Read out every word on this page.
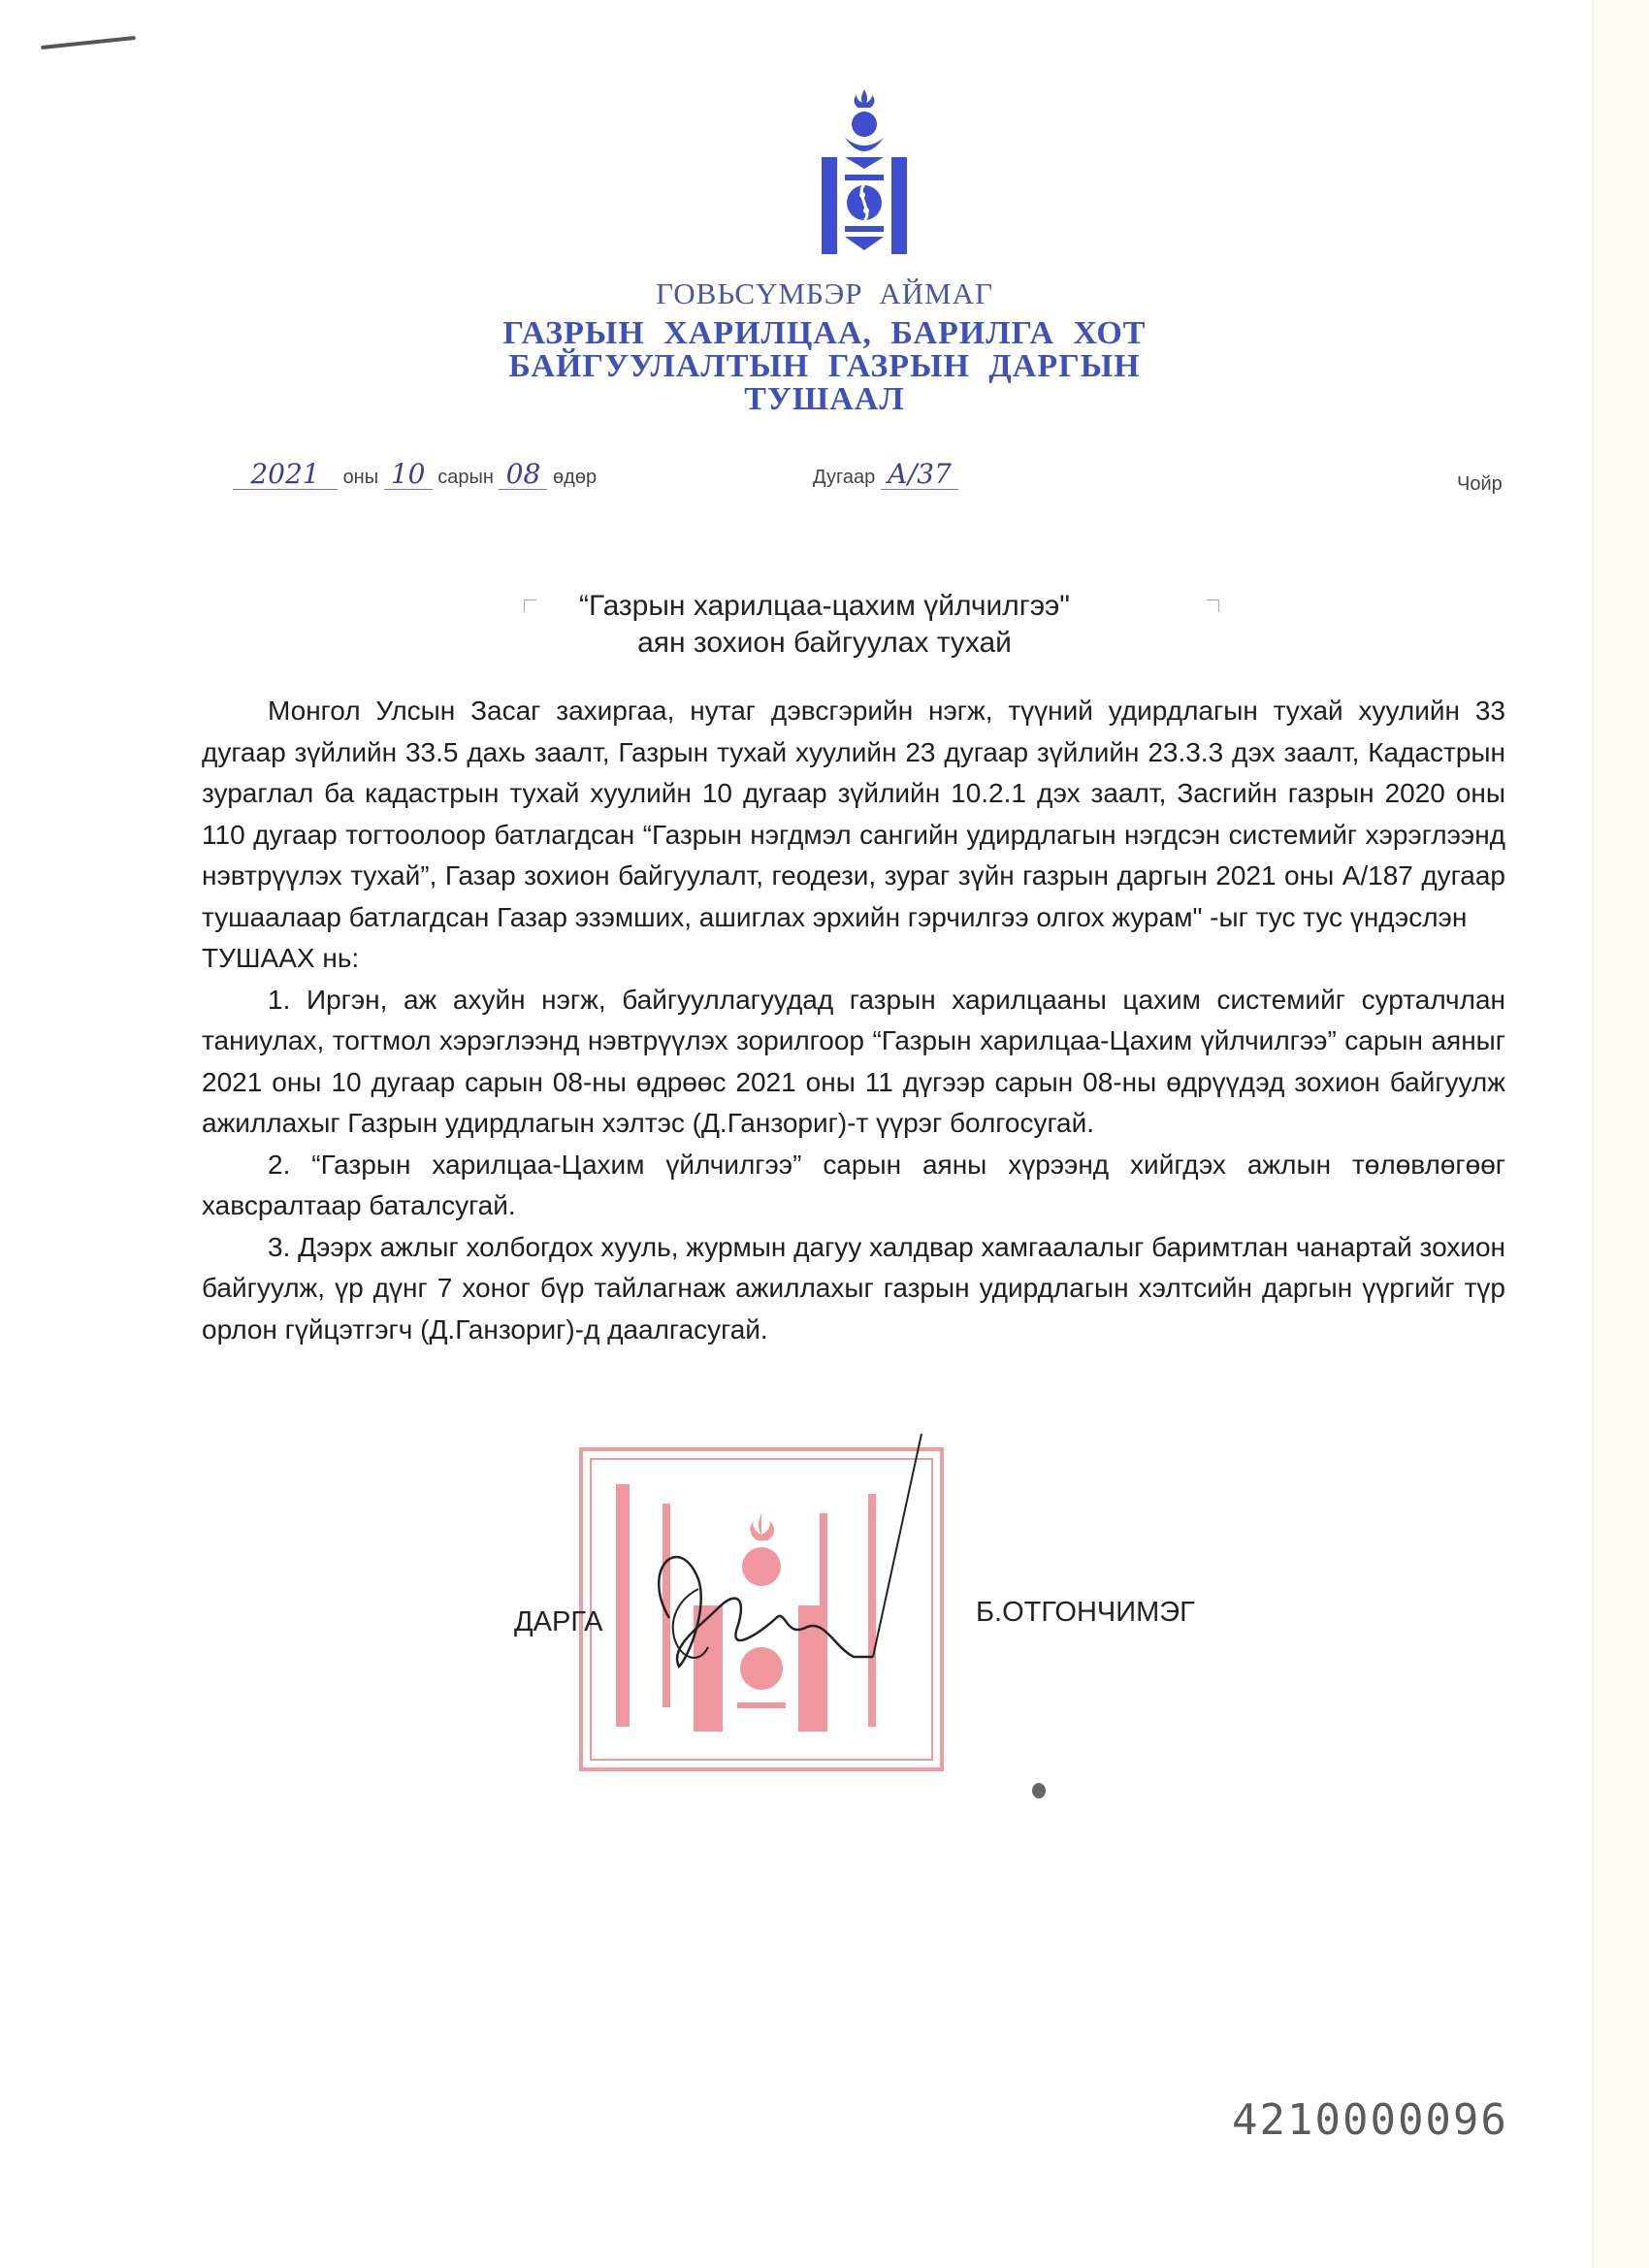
ГОВЬСҮМБЭР АЙМАГ
ГАЗРЫН ХАРИЛЦАА, БАРИЛГА ХОТ
БАЙГУУЛАЛТЫН ГАЗРЫН ДАРГЫН
ТУШААЛ
2021 оны 10 сарын 08 өдөр	Дугаар А/37	Чойр
“Газрын харилцаа-цахим үйлчилгээ"
аян зохион байгуулах тухай

Монгол Улсын Засаг захиргаа, нутаг дэвсгэрийн нэгж, түүний удирдлагын тухай хуулийн 33 дугаар зүйлийн 33.5 дахь заалт, Газрын тухай хуулийн 23 дугаар зүйлийн 23.3.3 дэх заалт, Кадастрын зураглал ба кадастрын тухай хуулийн 10 дугаар зүйлийн 10.2.1 дэх заалт, Засгийн газрын 2020 оны 110 дугаар тогтоолоор батлагдсан “Газрын нэгдмэл сангийн удирдлагын нэгдсэн системийг хэрэглээнд нэвтрүүлэх тухай”, Газар зохион байгуулалт, геодези, зураг зүйн газрын даргын 2021 оны А/187 дугаар тушаалаар батлагдсан Газар эзэмших, ашиглах эрхийн гэрчилгээ олгох журам" -ыг тус тус үндэслэн

ТУШААХ нь:

1. Иргэн, аж ахуйн нэгж, байгууллагуудад газрын харилцааны цахим системийг сурталчлан таниулах, тогтмол хэрэглээнд нэвтрүүлэх зорилгоор “Газрын харилцаа-Цахим үйлчилгээ” сарын аяныг 2021 оны 10 дугаар сарын 08-ны өдрөөс 2021 оны 11 дүгээр сарын 08-ны өдрүүдэд зохион байгуулж ажиллахыг Газрын удирдлагын хэлтэс (Д.Ганзориг)-т үүрэг болгосугай.

2. “Газрын харилцаа-Цахим үйлчилгээ” сарын аяны хүрээнд хийгдэх ажлын төлөвлөгөөг хавсралтаар баталсугай.

3. Дээрх ажлыг холбогдох хууль, журмын дагуу халдвар хамгаалалыг баримтлан чанартай зохион байгуулж, үр дүнг 7 хоног бүр тайлагнаж ажиллахыг газрын удирдлагын хэлтсийн даргын үүргийг түр орлон гүйцэтгэгч (Д.Ганзориг)-д даалгасугай.

ДАРГА	Б.ОТГОНЧИМЭГ
4210000096
